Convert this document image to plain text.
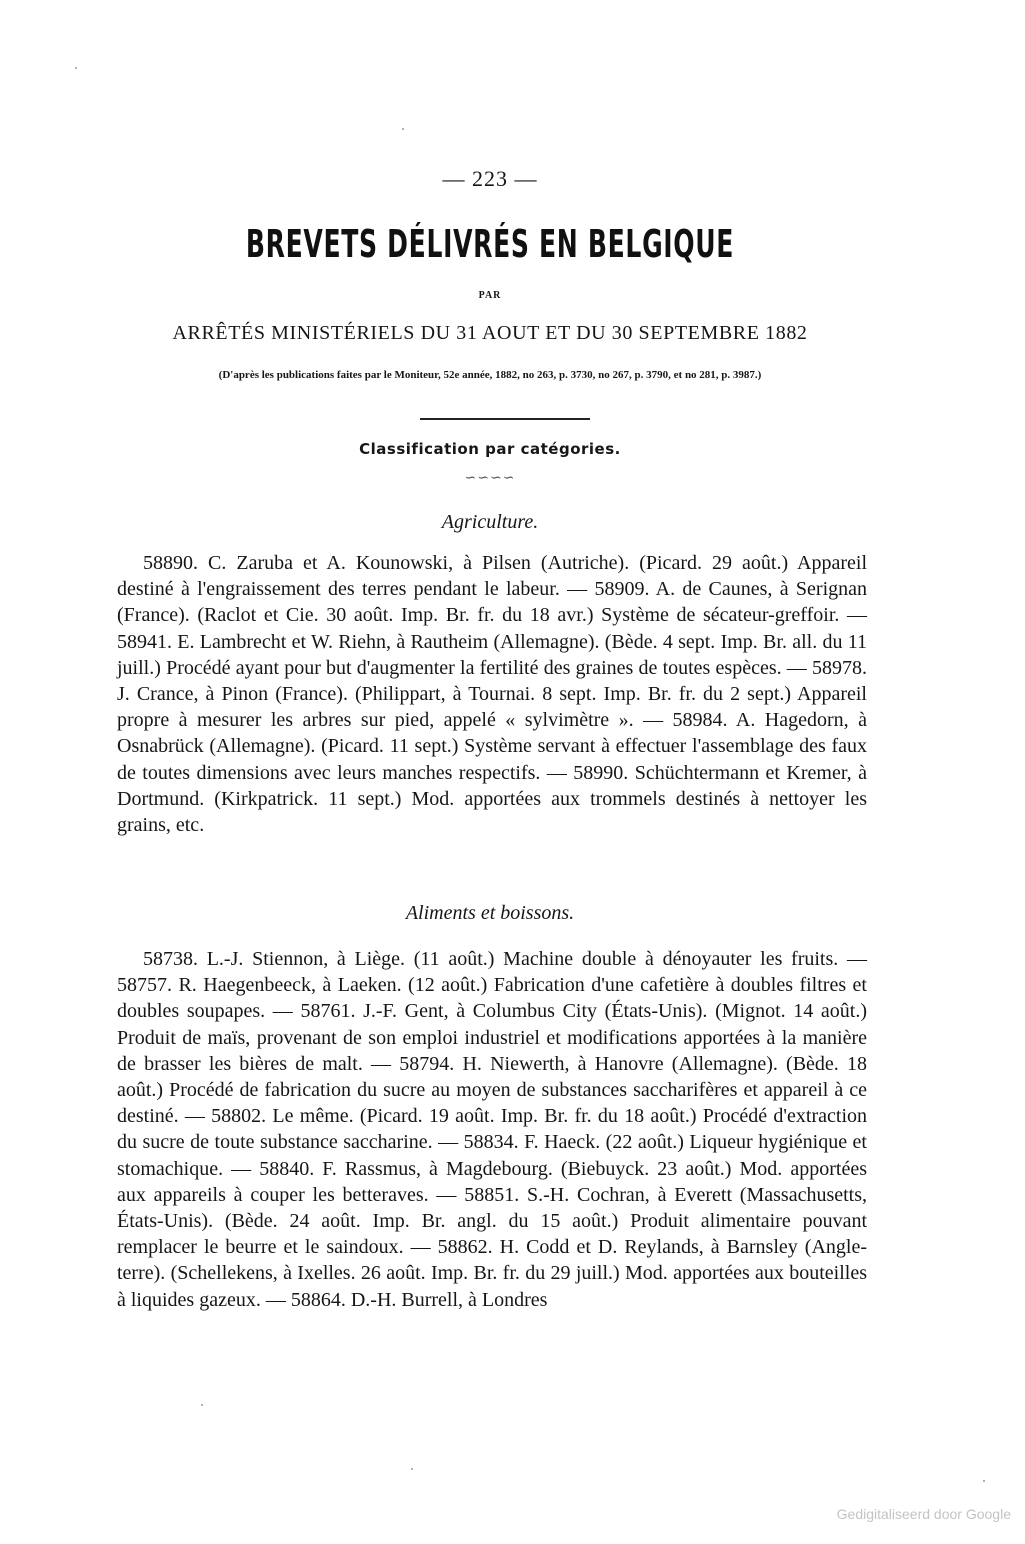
— 223 —
BREVETS DÉLIVRÉS EN BELGIQUE
PAR
ARRÊTÉS MINISTÉRIELS DU 31 AOUT ET DU 30 SEPTEMBRE 1882
(D'après les publications faites par le Moniteur, 52e année, 1882, no 263, p. 3730, no 267, p. 3790, et no 281, p. 3987.)
Classification par catégories.
∽∽∽∽
Agriculture.

58890. C. Zaruba et A. Kounowski, à Pilsen (Autriche). (Picard. 29 août.) Appareil destiné à l'engraissement des terres pendant le labeur. — 58909. A. de Caunes, à Serignan (France). (Raclot et Cie. 30 août. Imp. Br. fr. du 18 avr.) Système de sécateur-greffoir. — 58941. E. Lambrecht et W. Riehn, à Rautheim (Allemagne). (Bède. 4 sept. Imp. Br. all. du 11 juill.) Procédé ayant pour but d'augmenter la fertilité des graines de toutes espèces. — 58978. J. Crance, à Pinon (France). (Philippart, à Tournai. 8 sept. Imp. Br. fr. du 2 sept.) Appareil propre à mesurer les arbres sur pied, appelé « sylvimètre ». — 58984. A. Hagedorn, à Osnabrück (Allemagne). (Picard. 11 sept.) Système servant à effectuer l'assemblage des faux de toutes dimensions avec leurs manches respectifs. — 58990. Schüchtermann et Kremer, à Dortmund. (Kirkpatrick. 11 sept.) Mod. apportées aux trommels destinés à nettoyer les grains, etc.

Aliments et boissons.

58738. L.-J. Stiennon, à Liège. (11 août.) Machine double à dénoyauter les fruits. — 58757. R. Haegenbeeck, à Laeken. (12 août.) Fabrication d'une cafetière à doubles filtres et doubles soupapes. — 58761. J.-F. Gent, à Columbus City (États-Unis). (Mignot. 14 août.) Produit de maïs, provenant de son emploi industriel et modifications apportées à la manière de brasser les bières de malt. — 58794. H. Niewerth, à Hanovre (Allemagne). (Bède. 18 août.) Procédé de fabrication du sucre au moyen de substances saccharifères et appareil à ce destiné. — 58802. Le même. (Picard. 19 août. Imp. Br. fr. du 18 août.) Procédé d'extraction du sucre de toute substance saccharine. — 58834. F. Haeck. (22 août.) Liqueur hygiénique et stomachique. — 58840. F. Rassmus, à Magdebourg. (Biebuyck. 23 août.) Mod. apportées aux appareils à couper les betteraves. — 58851. S.-H. Cochran, à Everett (Massachusetts, États-Unis). (Bède. 24 août. Imp. Br. angl. du 15 août.) Produit alimentaire pouvant remplacer le beurre et le saindoux. — 58862. H. Codd et D. Reylands, à Barnsley (Angleterre). (Schellekens, à Ixelles. 26 août. Imp. Br. fr. du 29 juill.) Mod. apportées aux bouteilles à liquides gazeux. — 58864. D.-H. Burrell, à Londres

Gedigitaliseerd door Google
